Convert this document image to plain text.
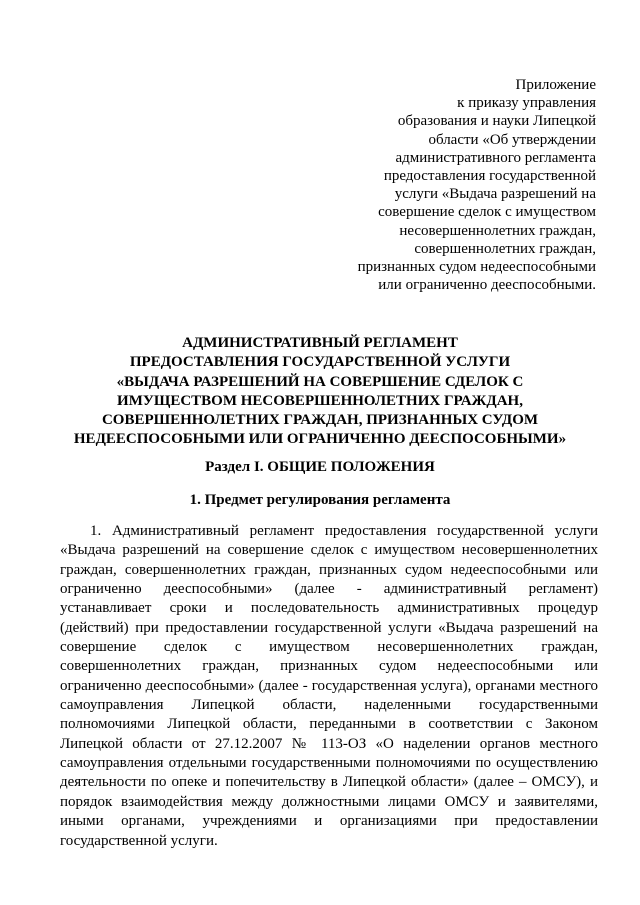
Приложение
к приказу управления
образования и науки Липецкой
области «Об утверждении
административного регламента
предоставления государственной
услуги «Выдача разрешений на
совершение сделок с имуществом
несовершеннолетних граждан,
совершеннолетних граждан,
признанных судом недееспособными
или ограниченно дееспособными.
АДМИНИСТРАТИВНЫЙ РЕГЛАМЕНТ
ПРЕДОСТАВЛЕНИЯ ГОСУДАРСТВЕННОЙ УСЛУГИ
«ВЫДАЧА РАЗРЕШЕНИЙ НА СОВЕРШЕНИЕ СДЕЛОК С
ИМУЩЕСТВОМ НЕСОВЕРШЕННОЛЕТНИХ ГРАЖДАН,
СОВЕРШЕННОЛЕТНИХ ГРАЖДАН, ПРИЗНАННЫХ СУДОМ
НЕДЕЕСПОСОБНЫМИ ИЛИ ОГРАНИЧЕННО ДЕЕСПОСОБНЫМИ»
Раздел I. ОБЩИЕ ПОЛОЖЕНИЯ
1. Предмет регулирования регламента
1. Административный регламент предоставления государственной услуги
«Выдача разрешений на совершение сделок с имуществом несовершеннолетних
граждан, совершеннолетних граждан, признанных судом недееспособными или
ограниченно дееспособными» (далее - административный регламент)
устанавливает сроки и последовательность административных процедур
(действий) при предоставлении государственной услуги «Выдача разрешений на
совершение сделок с имуществом несовершеннолетних граждан,
совершеннолетних граждан, признанных судом недееспособными или
ограниченно дееспособными» (далее - государственная услуга), органами местного
самоуправления Липецкой области, наделенными государственными
полномочиями Липецкой области, переданными в соответствии с Законом
Липецкой области от 27.12.2007 № 113-ОЗ «О наделении органов местного
самоуправления отдельными государственными полномочиями по осуществлению
деятельности по опеке и попечительству в Липецкой области» (далее – ОМСУ), и
порядок взаимодействия между должностными лицами ОМСУ и заявителями,
иными органами, учреждениями и организациями при предоставлении
государственной услуги.
